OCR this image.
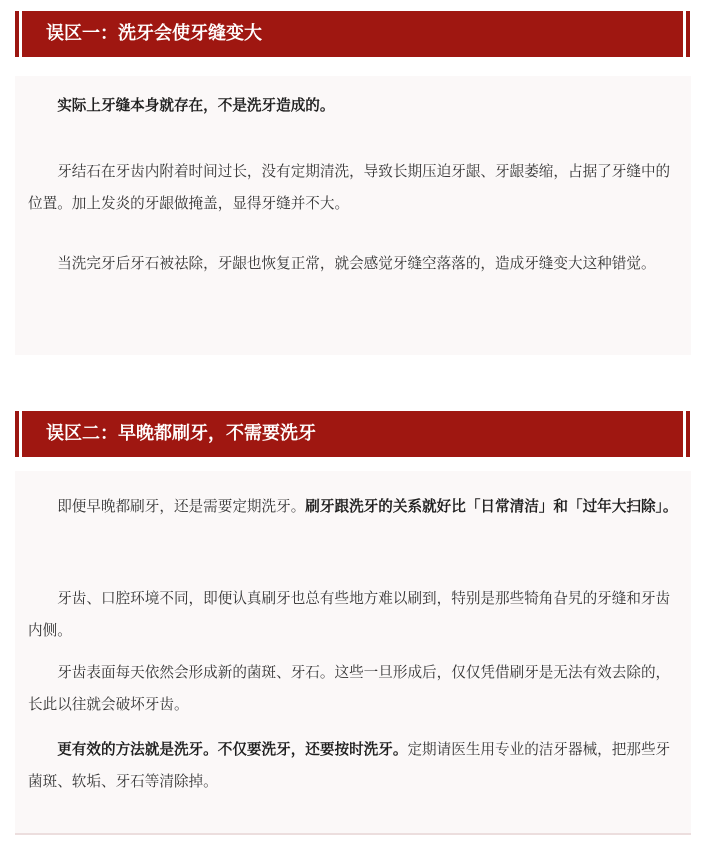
误区一：洗牙会使牙缝变大

实际上牙缝本身就存在，不是洗牙造成的。

牙结石在牙齿内附着时间过长，没有定期清洗，导致长期压迫牙龈、牙龈萎缩，占据了牙缝中的位置。加上发炎的牙龈做掩盖，显得牙缝并不大。

当洗完牙后牙石被祛除，牙龈也恢复正常，就会感觉牙缝空落落的，造成牙缝变大这种错觉。

误区二：早晚都刷牙，不需要洗牙

即便早晚都刷牙，还是需要定期洗牙。刷牙跟洗牙的关系就好比「日常清洁」和「过年大扫除」。

牙齿、口腔环境不同，即便认真刷牙也总有些地方难以刷到，特别是那些犄角旮旯的牙缝和牙齿内侧。

牙齿表面每天依然会形成新的菌斑、牙石。这些一旦形成后，仅仅凭借刷牙是无法有效去除的，长此以往就会破坏牙齿。

更有效的方法就是洗牙。不仅要洗牙，还要按时洗牙。定期请医生用专业的洁牙器械，把那些牙菌斑、软垢、牙石等清除掉。
